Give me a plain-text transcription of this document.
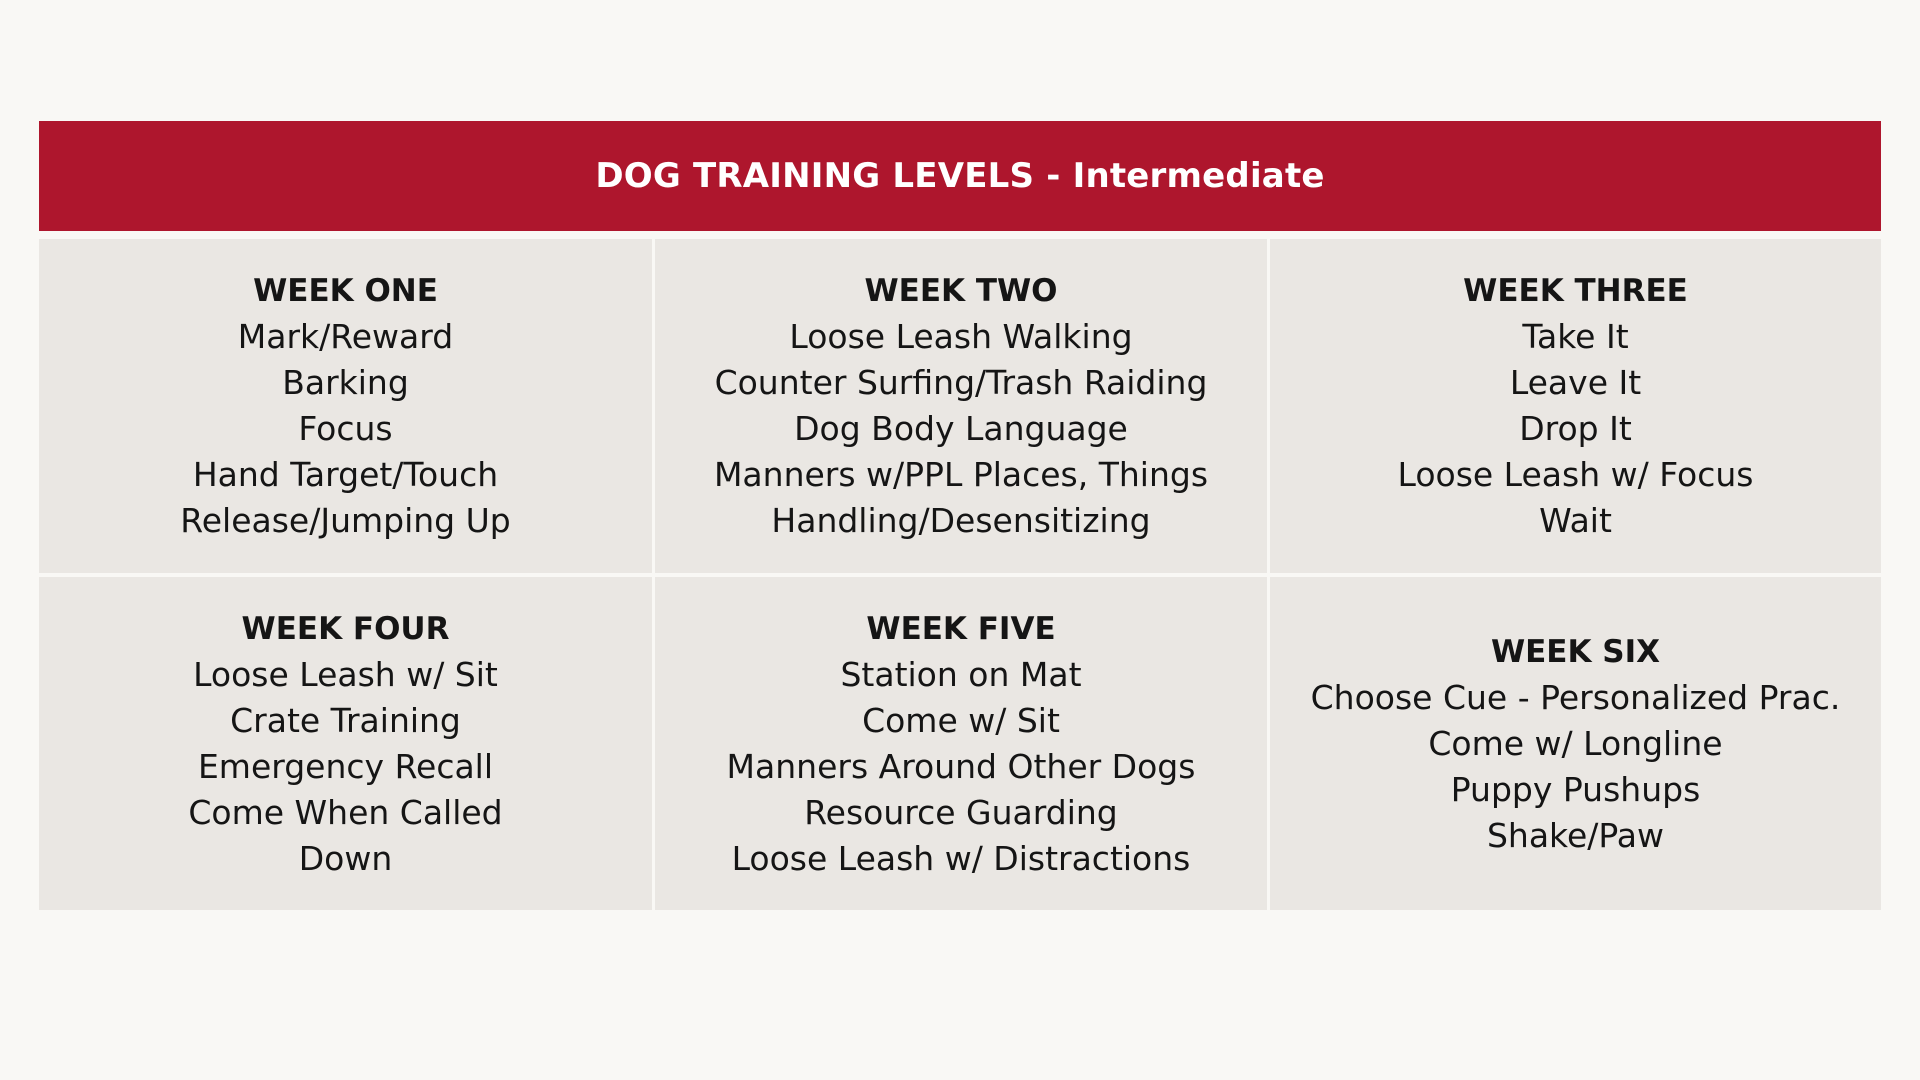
DOG TRAINING LEVELS - Intermediate
WEEK ONE
Mark/Reward
Barking
Focus
Hand Target/Touch
Release/Jumping Up
WEEK TWO
Loose Leash Walking
Counter Surfing/Trash Raiding
Dog Body Language
Manners w/PPL Places, Things
Handling/Desensitizing
WEEK THREE
Take It
Leave It
Drop It
Loose Leash w/ Focus
Wait
WEEK FOUR
Loose Leash w/ Sit
Crate Training
Emergency Recall
Come When Called
Down
WEEK FIVE
Station on Mat
Come w/ Sit
Manners Around Other Dogs
Resource Guarding
Loose Leash w/ Distractions
WEEK SIX
Choose Cue - Personalized Prac.
Come w/ Longline
Puppy Pushups
Shake/Paw
